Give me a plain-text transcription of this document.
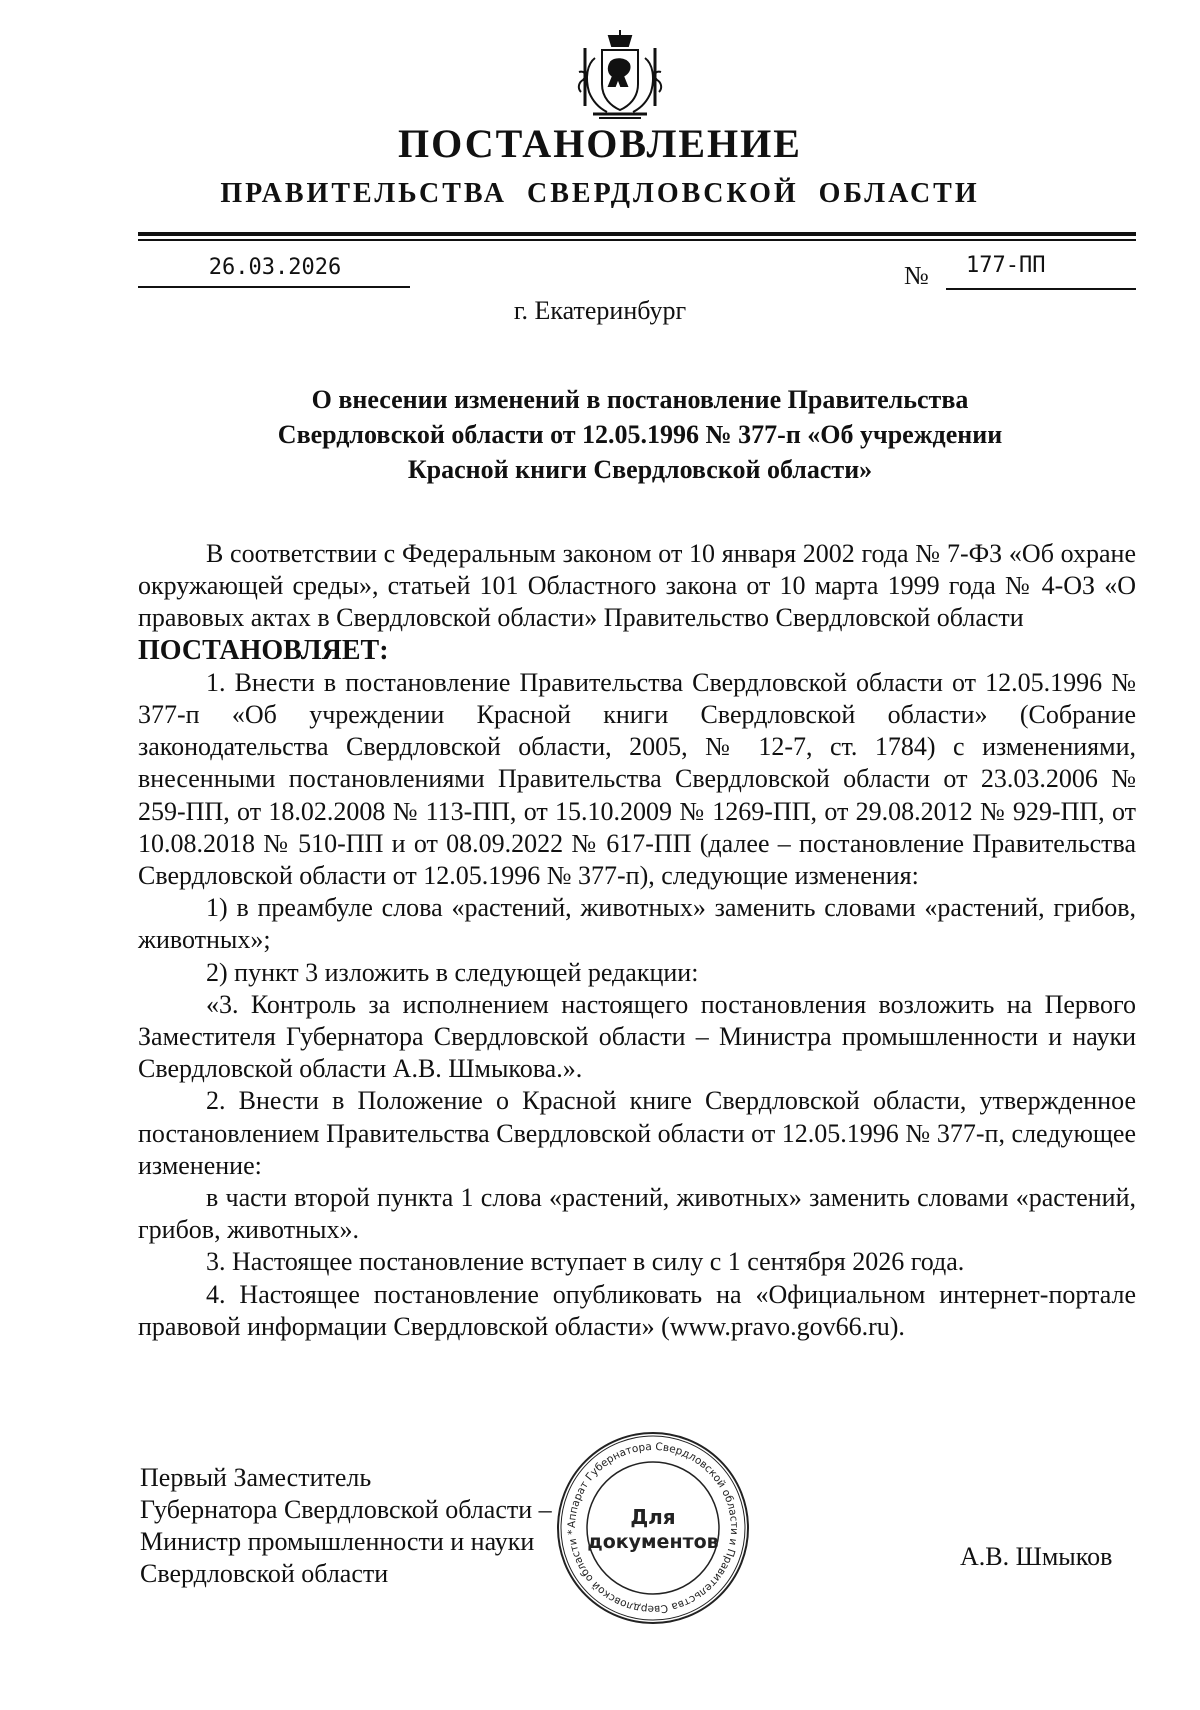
ПОСТАНОВЛЕНИЕ
ПРАВИТЕЛЬСТВА  СВЕРДЛОВСКОЙ  ОБЛАСТИ
26.03.2026	№	177-ПП
г. Екатеринбург
О внесении изменений в постановление Правительства
Свердловской области от 12.05.1996 № 377-п «Об учреждении
Красной книги Свердловской области»

В соответствии с Федеральным законом от 10 января 2002 года № 7-ФЗ «Об охране окружающей среды», статьей 101 Областного закона от 10 марта 1999 года № 4-ОЗ «О правовых актах в Свердловской области» Правительство Свердловской области

ПОСТАНОВЛЯЕТ:

1. Внести в постановление Правительства Свердловской области от 12.05.1996 № 377-п «Об учреждении Красной книги Свердловской области» (Собрание законодательства Свердловской области, 2005, № 12-7, ст. 1784) с изменениями, внесенными постановлениями Правительства Свердловской области от 23.03.2006 № 259-ПП, от 18.02.2008 № 113-ПП, от 15.10.2009 № 1269-ПП, от 29.08.2012 № 929-ПП, от 10.08.2018 № 510-ПП и от 08.09.2022 № 617-ПП (далее – постановление Правительства Свердловской области от 12.05.1996 № 377-п), следующие изменения:

1) в преамбуле слова «растений, животных» заменить словами «растений, грибов, животных»;

2) пункт 3 изложить в следующей редакции:

«3. Контроль за исполнением настоящего постановления возложить на Первого Заместителя Губернатора Свердловской области – Министра промышленности и науки Свердловской области А.В. Шмыкова.».

2. Внести в Положение о Красной книге Свердловской области, утвержденное постановлением Правительства Свердловской области от 12.05.1996 № 377-п, следующее изменение:

в части второй пункта 1 слова «растений, животных» заменить словами «растений, грибов, животных».

3. Настоящее постановление вступает в силу с 1 сентября 2026 года.

4. Настоящее постановление опубликовать на «Официальном интернет-портале правовой информации Свердловской области» (www.pravo.gov66.ru).

Первый Заместитель
Губернатора Свердловской области –
Министр промышленности и науки
Свердловской области
А.В. Шмыков
Аппарат Губернатора Свердловской области и Правительства Свердловской области *
Для
документов
